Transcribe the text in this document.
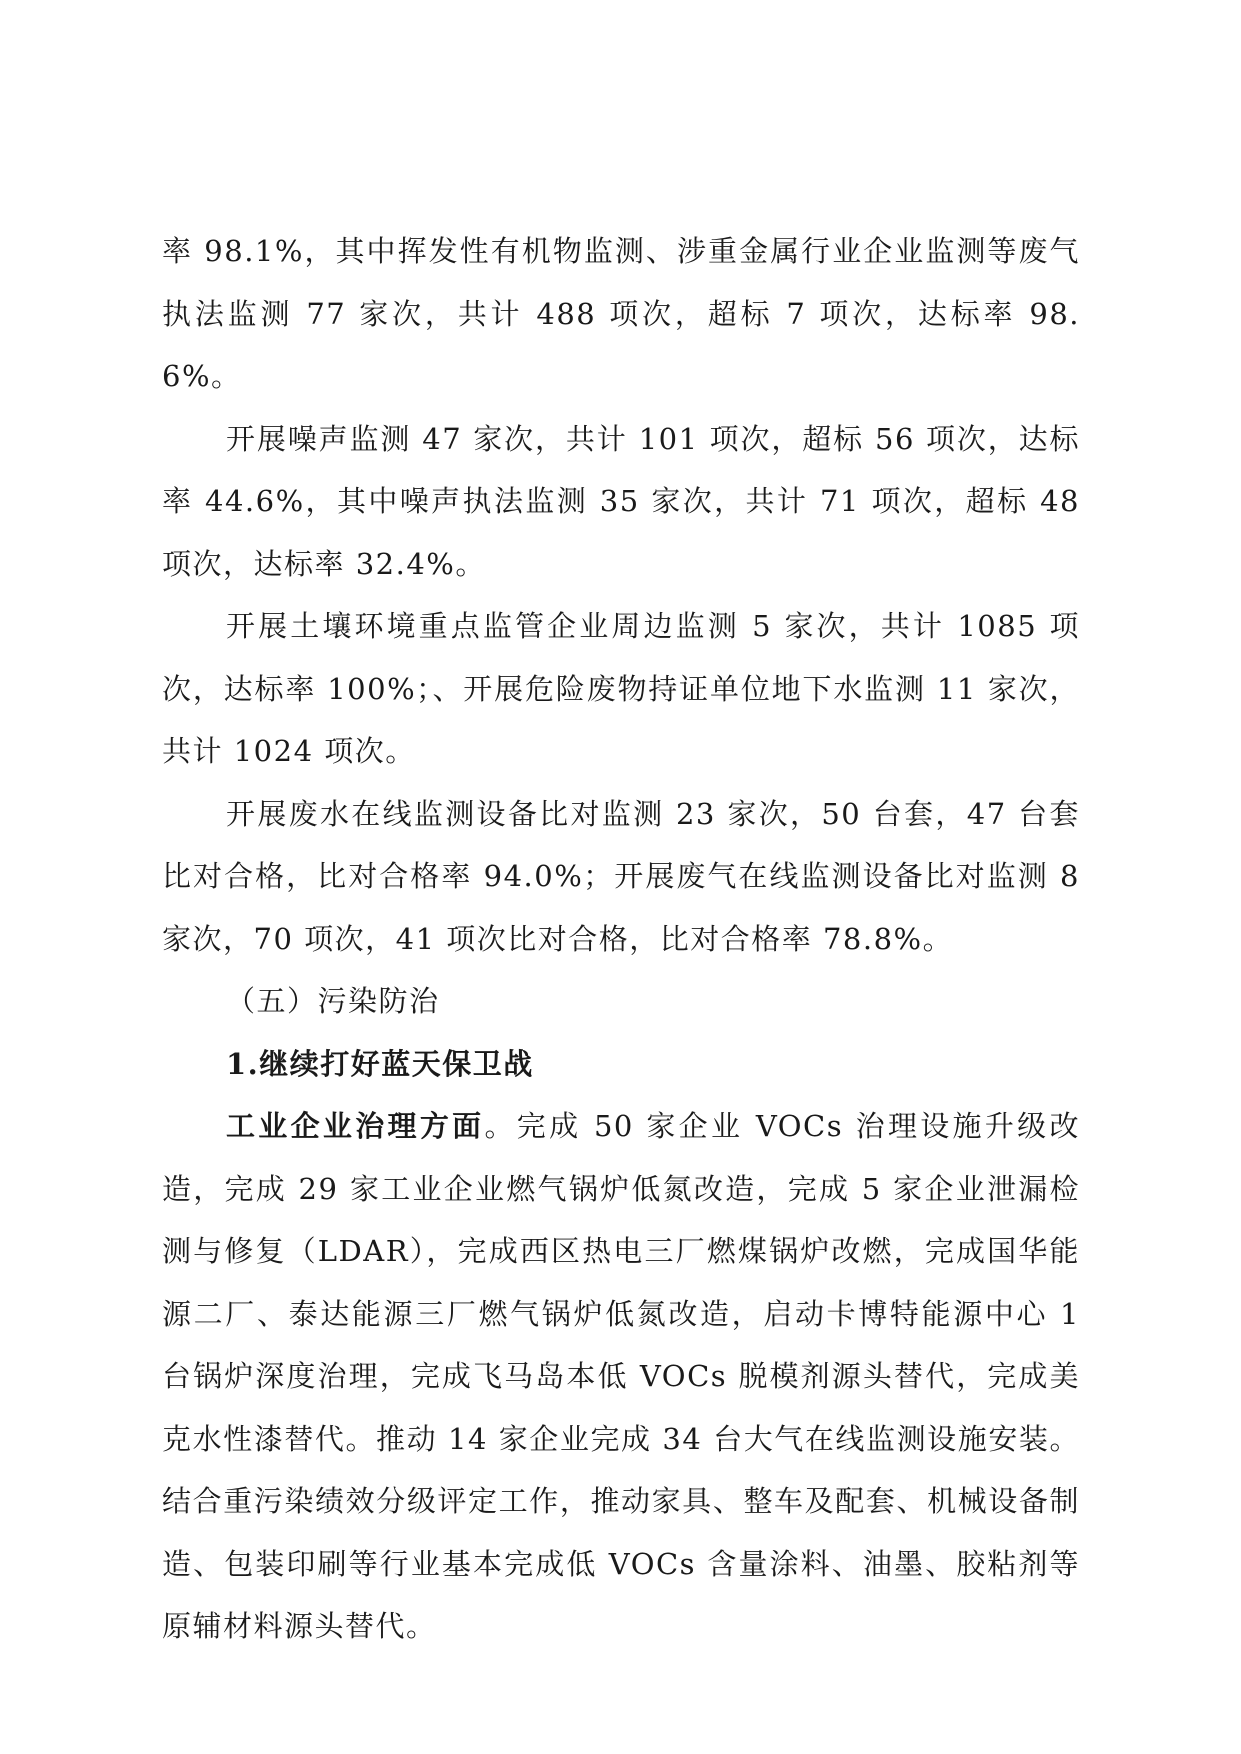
率 98.1%，其中挥发性有机物监测、涉重金属行业企业监测等废气执法监测 77 家次，共计 488 项次，超标 7 项次，达标率 98.6%。

开展噪声监测 47 家次，共计 101 项次，超标 56 项次，达标率 44.6%，其中噪声执法监测 35 家次，共计 71 项次，超标 48 项次，达标率 32.4%。

开展土壤环境重点监管企业周边监测 5 家次，共计 1085 项次，达标率 100%；、开展危险废物持证单位地下水监测 11 家次，共计 1024 项次。

开展废水在线监测设备比对监测 23 家次，50 台套，47 台套比对合格，比对合格率 94.0%；开展废气在线监测设备比对监测 8 家次，70 项次，41 项次比对合格，比对合格率 78.8%。

（五）污染防治

1.继续打好蓝天保卫战

工业企业治理方面。完成 50 家企业 VOCs 治理设施升级改造，完成 29 家工业企业燃气锅炉低氮改造，完成 5 家企业泄漏检测与修复（LDAR），完成西区热电三厂燃煤锅炉改燃，完成国华能源二厂、泰达能源三厂燃气锅炉低氮改造，启动卡博特能源中心 1 台锅炉深度治理，完成飞马岛本低 VOCs 脱模剂源头替代，完成美克水性漆替代。推动 14 家企业完成 34 台大气在线监测设施安装。结合重污染绩效分级评定工作，推动家具、整车及配套、机械设备制造、包装印刷等行业基本完成低 VOCs 含量涂料、油墨、胶粘剂等原辅材料源头替代。
